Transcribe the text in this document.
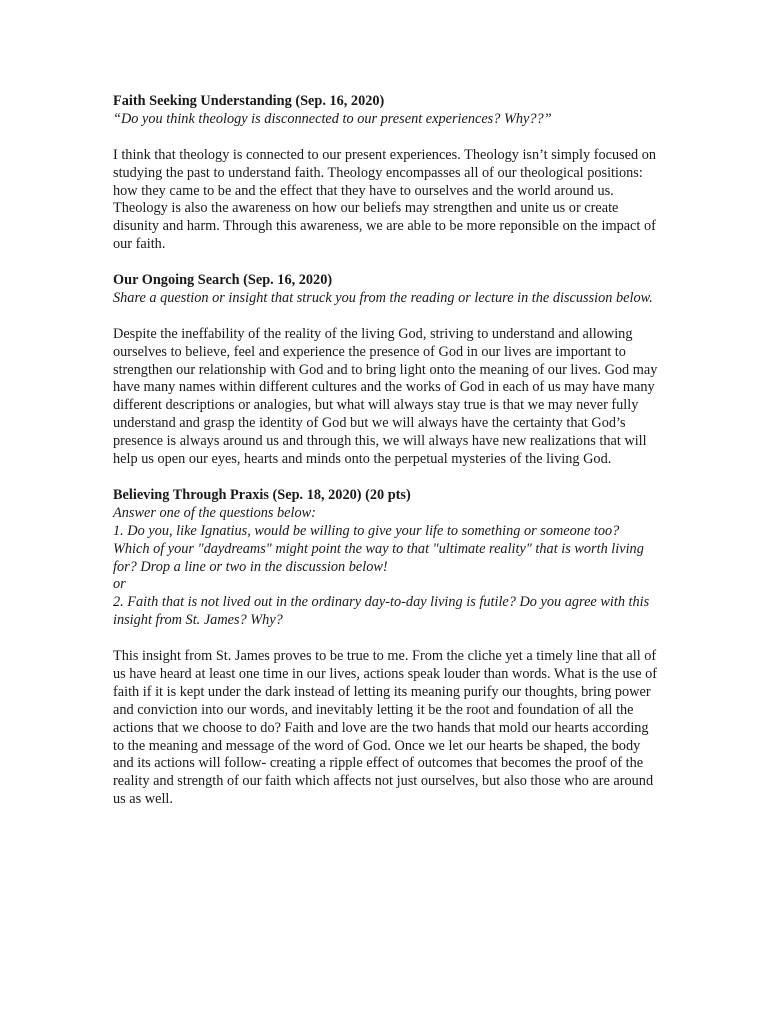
Faith Seeking Understanding (Sep. 16, 2020)

“Do you think theology is disconnected to our present experiences? Why??”

I think that theology is connected to our present experiences. Theology isn’t simply focused on studying the past to understand faith. Theology encompasses all of our theological positions: how they came to be and the effect that they have to ourselves and the world around us. Theology is also the awareness on how our beliefs may strengthen and unite us or create disunity and harm. Through this awareness, we are able to be more reponsible on the impact of our faith.

Our Ongoing Search (Sep. 16, 2020)

Share a question or insight that struck you from the reading or lecture in the discussion below.

Despite the ineffability of the reality of the living God, striving to understand and allowing ourselves to believe, feel and experience the presence of God in our lives are important to strengthen our relationship with God and to bring light onto the meaning of our lives. God may have many names within different cultures and the works of God in each of us may have many different descriptions or analogies, but what will always stay true is that we may never fully understand and grasp the identity of God but we will always have the certainty that God’s presence is always around us and through this, we will always have new realizations that will help us open our eyes, hearts and minds onto the perpetual mysteries of the living God.

Believing Through Praxis (Sep. 18, 2020) (20 pts)

Answer one of the questions below:
1. Do you, like Ignatius, would be willing to give your life to something or someone too? Which of your "daydreams" might point the way to that "ultimate reality" that is worth living for? Drop a line or two in the discussion below!
or
2. Faith that is not lived out in the ordinary day-to-day living is futile? Do you agree with this insight from St. James? Why?

This insight from St. James proves to be true to me. From the cliche yet a timely line that all of us have heard at least one time in our lives, actions speak louder than words. What is the use of faith if it is kept under the dark instead of letting its meaning purify our thoughts, bring power and conviction into our words, and inevitably letting it be the root and foundation of all the actions that we choose to do? Faith and love are the two hands that mold our hearts according to the meaning and message of the word of God. Once we let our hearts be shaped, the body and its actions will follow- creating a ripple effect of outcomes that becomes the proof of the reality and strength of our faith which affects not just ourselves, but also those who are around us as well.
